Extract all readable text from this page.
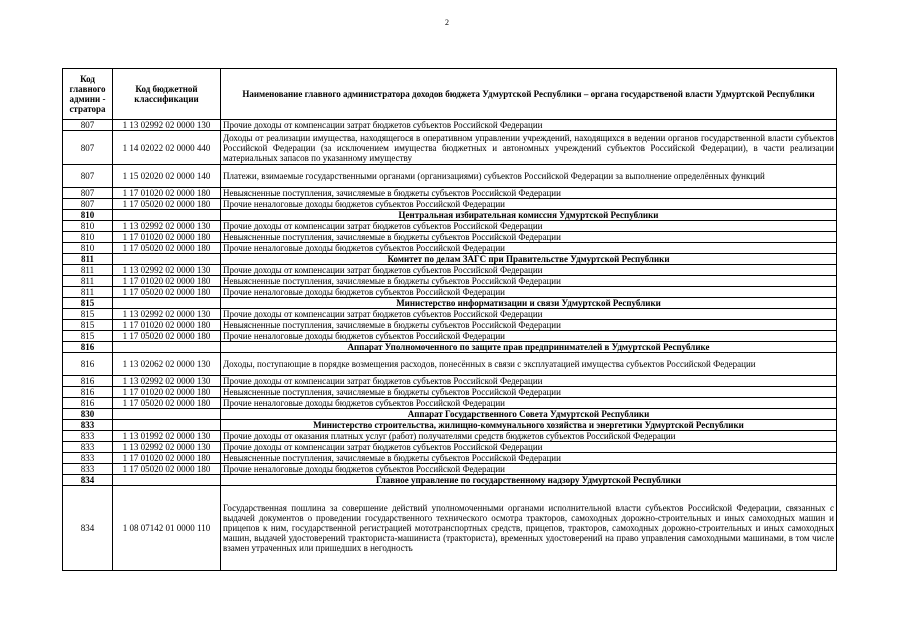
2
Код главного админи - стратора	Код бюджетной классификации	Наименование главного администратора доходов бюджета Удмуртской Республики – органа государственой власти Удмуртской Республики
807	1 13 02992 02 0000 130	Прочие доходы от компенсации затрат бюджетов субъектов Российской Федерации
807	1 14 02022 02 0000 440	Доходы от реализации имущества, находящегося в оперативном управлении учреждений, находящихся в ведении органов государственной власти субъектов Российской Федерации (за исключением имущества бюджетных и автономных учреждений субъектов Российской Федерации), в части реализации материальных запасов по указанному имуществу
807	1 15 02020 02 0000 140	Платежи, взимаемые государственными органами (организациями) субъектов Российской Федерации за выполнение определённых функций
807	1 17 01020 02 0000 180	Невыясненные поступления, зачисляемые в бюджеты субъектов Российской Федерации
807	1 17 05020 02 0000 180	Прочие неналоговые доходы бюджетов субъектов Российской Федерации
810		Центральная избирательная комиссия Удмуртской Республики
810	1 13 02992 02 0000 130	Прочие доходы от компенсации затрат бюджетов субъектов Российской Федерации
810	1 17 01020 02 0000 180	Невыясненные поступления, зачисляемые в бюджеты субъектов Российской Федерации
810	1 17 05020 02 0000 180	Прочие неналоговые доходы бюджетов субъектов Российской Федерации
811		Комитет по делам ЗАГС при Правительстве Удмуртской Республики
811	1 13 02992 02 0000 130	Прочие доходы от компенсации затрат бюджетов субъектов Российской Федерации
811	1 17 01020 02 0000 180	Невыясненные поступления, зачисляемые в бюджеты субъектов Российской Федерации
811	1 17 05020 02 0000 180	Прочие неналоговые доходы бюджетов субъектов Российской Федерации
815		Министерство информатизации и связи Удмуртской Республики
815	1 13 02992 02 0000 130	Прочие доходы от компенсации затрат бюджетов субъектов Российской Федерации
815	1 17 01020 02 0000 180	Невыясненные поступления, зачисляемые в бюджеты субъектов Российской Федерации
815	1 17 05020 02 0000 180	Прочие неналоговые доходы бюджетов субъектов Российской Федерации
816		Аппарат Уполномоченного по защите прав предпринимателей в Удмуртской Республике
816	1 13 02062 02 0000 130	Доходы, поступающие в порядке возмещения расходов, понесённых в связи с эксплуатацией имущества субъектов Российской Федерации
816	1 13 02992 02 0000 130	Прочие доходы от компенсации затрат бюджетов субъектов Российской Федерации
816	1 17 01020 02 0000 180	Невыясненные поступления, зачисляемые в бюджеты субъектов Российской Федерации
816	1 17 05020 02 0000 180	Прочие неналоговые доходы бюджетов субъектов Российской Федерации
830		Аппарат Государственного Совета Удмуртской Республики
833		Министерство строительства, жилищно-коммунального хозяйства и энергетики Удмуртской Республики
833	1 13 01992 02 0000 130	Прочие доходы от оказания платных услуг (работ) получателями средств бюджетов субъектов Российской Федерации
833	1 13 02992 02 0000 130	Прочие доходы от компенсации затрат бюджетов субъектов Российской Федерации
833	1 17 01020 02 0000 180	Невыясненные поступления, зачисляемые в бюджеты субъектов Российской Федерации
833	1 17 05020 02 0000 180	Прочие неналоговые доходы бюджетов субъектов Российской Федерации
834		Главное управление по государственному надзору Удмуртской Республики
834	1 08 07142 01 0000 110	Государственная пошлина за совершение действий уполномоченными органами исполнительной власти субъектов Российской Федерации, связанных с выдачей документов о проведении государственного технического осмотра тракторов, самоходных дорожно-строительных и иных самоходных машин и прицепов к ним, государственной регистрацией мототранспортных средств, прицепов, тракторов, самоходных дорожно-строительных и иных самоходных машин, выдачей удостоверений тракториста-машиниста (тракториста), временных удостоверений на право управления самоходными машинами, в том числе взамен утраченных или пришедших в негодность
